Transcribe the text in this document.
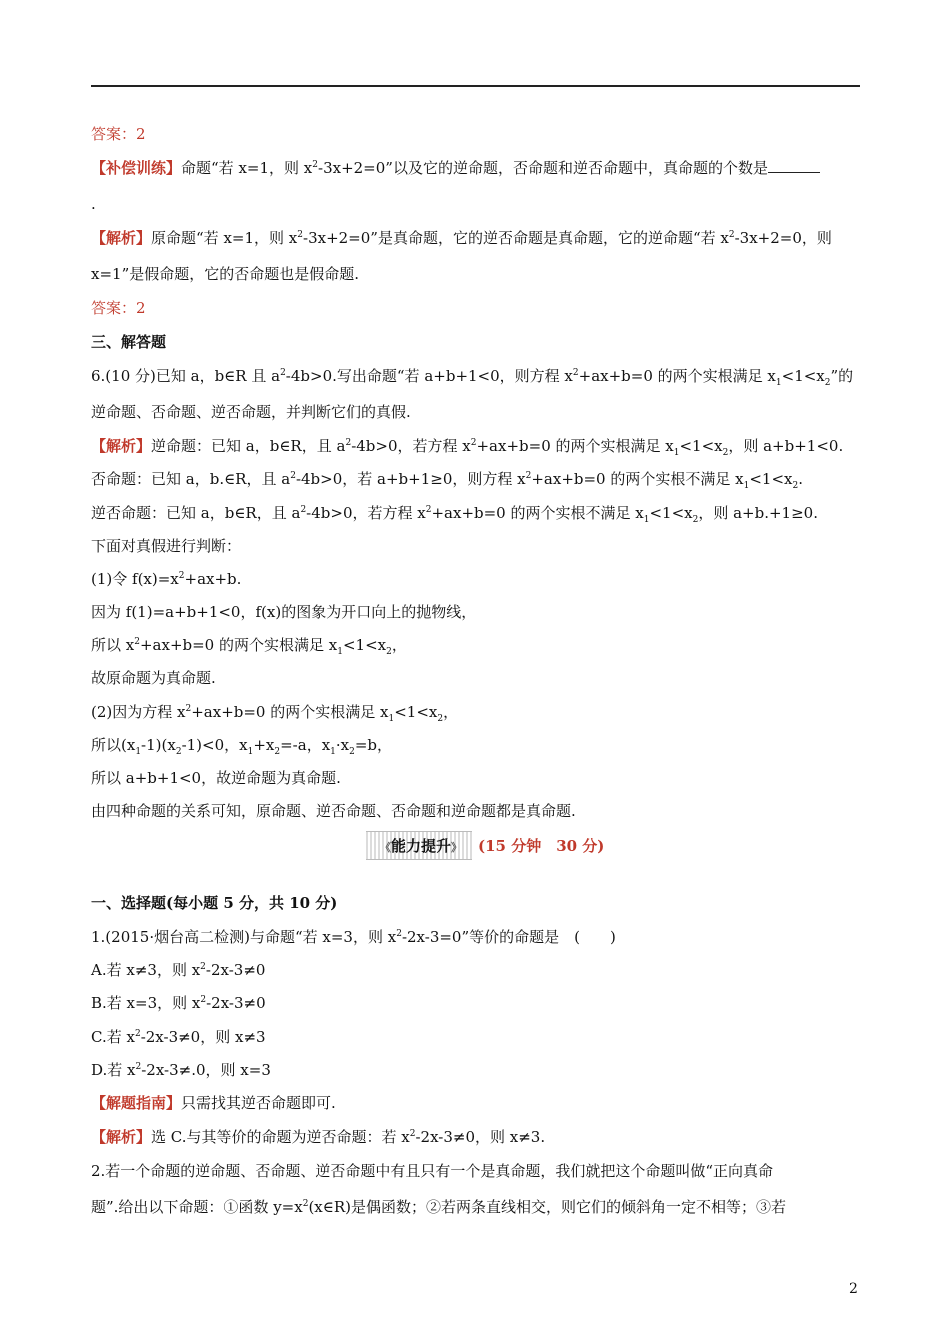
答案：2
【补偿训练】命题“若 x=1，则 $x^2-3x+2=0$”以及它的逆命题，否命题和逆否命题中，真命题的个数是
.
【解析】原命题“若 x=1，则 $x^2-3x+2=0$”是真命题，它的逆否命题是真命题，它的逆命题“若 $x^2-3x+2=0$，则
x=1”是假命题，它的否命题也是假命题.
答案：2
三、解答题
6.(10 分)已知 a，b∈R 且 $a^2-4b>0$.写出命题“若 a+b+1<0，则方程 $x^2+ax+b=0$ 的两个实根满足 $x_1<1<x_2$”的
逆命题、否命题、逆否命题，并判断它们的真假.
【解析】逆命题：已知 a，b∈R，且 $a^2-4b>0$，若方程 $x^2+ax+b=0$ 的两个实根满足 $x_1<1<x_2$，则 a+b+1<0.
否命题：已知 a，b.∈R，且 $a^2-4b>0$，若 a+b+1≥0，则方程 $x^2+ax+b=0$ 的两个实根不满足 $x_1<1<x_2$.
逆否命题：已知 a，b∈R，且 $a^2-4b>0$，若方程 $x^2+ax+b=0$ 的两个实根不满足 $x_1<1<x_2$，则 a+b.+1≥0.
下面对真假进行判断：
(1)令 $f(x)=x^2+ax+b$.
因为 f(1)=a+b+1<0，f(x)的图象为开口向上的抛物线，
所以 $x^2+ax+b=0$ 的两个实根满足 $x_1<1<x_2$，
故原命题为真命题.
(2)因为方程 $x^2+ax+b=0$ 的两个实根满足 $x_1<1<x_2$，
所以$(x_1-1)(x_2-1)<0$，$x_1+x_2=-a$，$x_1\cdot x_2=b$，
所以 a+b+1<0，故逆命题为真命题.
由四种命题的关系可知，原命题、逆否命题、否命题和逆命题都是真命题.
《能力提升》	(15 分钟　30 分)
一、选择题(每小题 5 分，共 10 分)
1.(2015·烟台高二检测)与命题“若 x=3，则 $x^2-2x-3=0$”等价的命题是　(　　)
A.若 x≠3，则 $x^2-2x-3\ne 0$
B.若 x=3，则 $x^2-2x-3\ne 0$
C.若 $x^2-2x-3\ne 0$，则 x≠3
D.若 $x^2-2x-3\ne.0$，则 x=3
【解题指南】只需找其逆否命题即可.
【解析】选 C.与其等价的命题为逆否命题：若 $x^2-2x-3\ne 0$，则 x≠3.
2.若一个命题的逆命题、否命题、逆否命题中有且只有一个是真命题，我们就把这个命题叫做“正向真命
题”.给出以下命题：①函数 $y=x^2(x\in R)$是偶函数；②若两条直线相交，则它们的倾斜角一定不相等；③若
2
